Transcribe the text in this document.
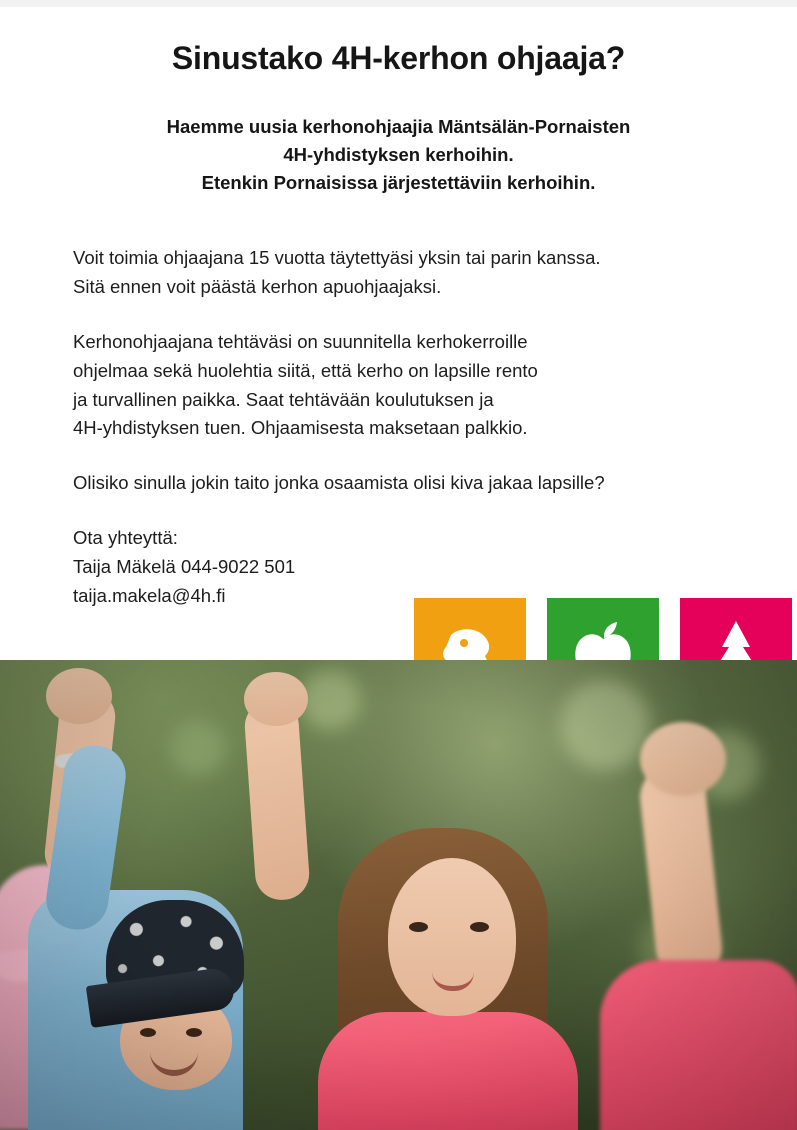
Sinustako 4H-kerhon ohjaaja?
Haemme uusia kerhonohjaajia Mäntsälän-Pornaisten
4H-yhdistyksen kerhoihin.
Etenkin Pornaisissa järjestettäviin kerhoihin.

Voit toimia ohjaajana 15 vuotta täytettyäsi yksin tai parin kanssa.
Sitä ennen voit päästä kerhon apuohjaajaksi.

Kerhonohjaajana tehtäväsi on suunnitella kerhokerroille
ohjelmaa sekä huolehtia siitä, että kerho on lapsille rento
ja turvallinen paikka. Saat tehtävään koulutuksen ja
4H-yhdistyksen tuen. Ohjaamisesta maksetaan palkkio.

Olisiko sinulla jokin taito jonka osaamista olisi kiva jakaa lapsille?

Ota yhteyttä:
Taija Mäkelä 044-9022 501
taija.makela@4h.fi
